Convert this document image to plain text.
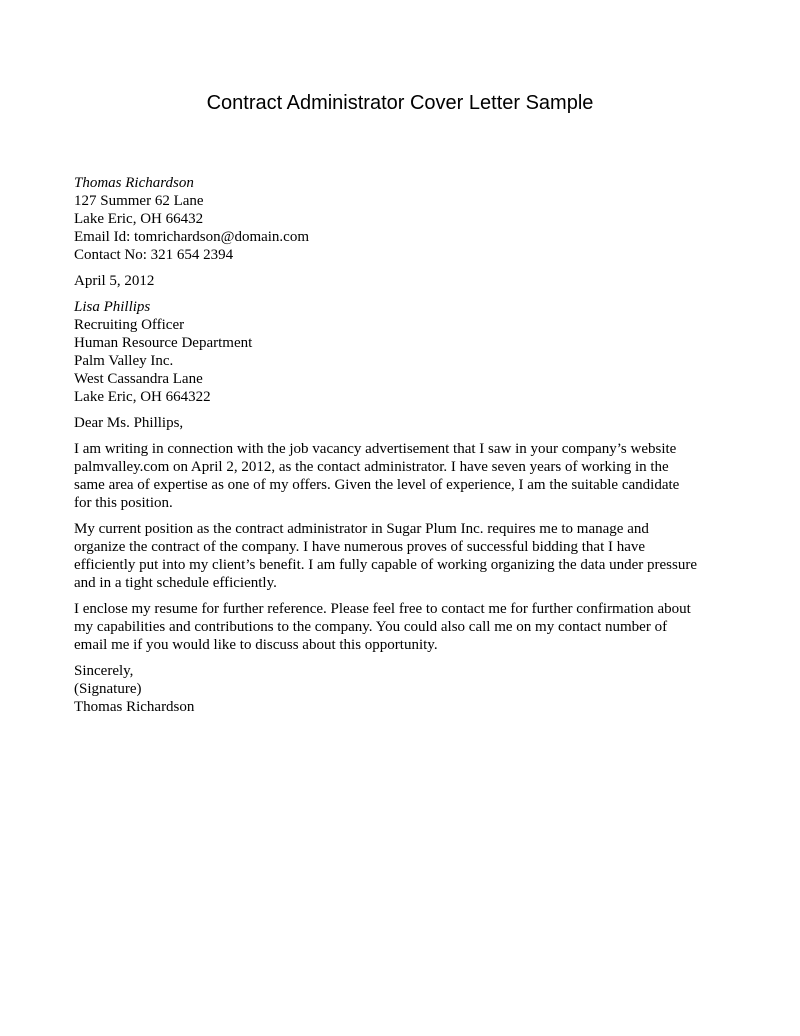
Contract Administrator Cover Letter Sample
Thomas Richardson
127 Summer 62 Lane
Lake Eric, OH 66432
Email Id: tomrichardson@domain.com
Contact No: 321 654 2394
April 5, 2012
Lisa Phillips
Recruiting Officer
Human Resource Department
Palm Valley Inc.
West Cassandra Lane
Lake Eric, OH 664322
Dear Ms. Phillips,
I am writing in connection with the job vacancy advertisement that I saw in your company’s website
palmvalley.com on April 2, 2012, as the contact administrator. I have seven years of working in the
same area of expertise as one of my offers. Given the level of experience, I am the suitable candidate
for this position.
My current position as the contract administrator in Sugar Plum Inc. requires me to manage and
organize the contract of the company. I have numerous proves of successful bidding that I have
efficiently put into my client’s benefit. I am fully capable of working organizing the data under pressure
and in a tight schedule efficiently.
I enclose my resume for further reference. Please feel free to contact me for further confirmation about
my capabilities and contributions to the company. You could also call me on my contact number of
email me if you would like to discuss about this opportunity.
Sincerely,
(Signature)
Thomas Richardson
